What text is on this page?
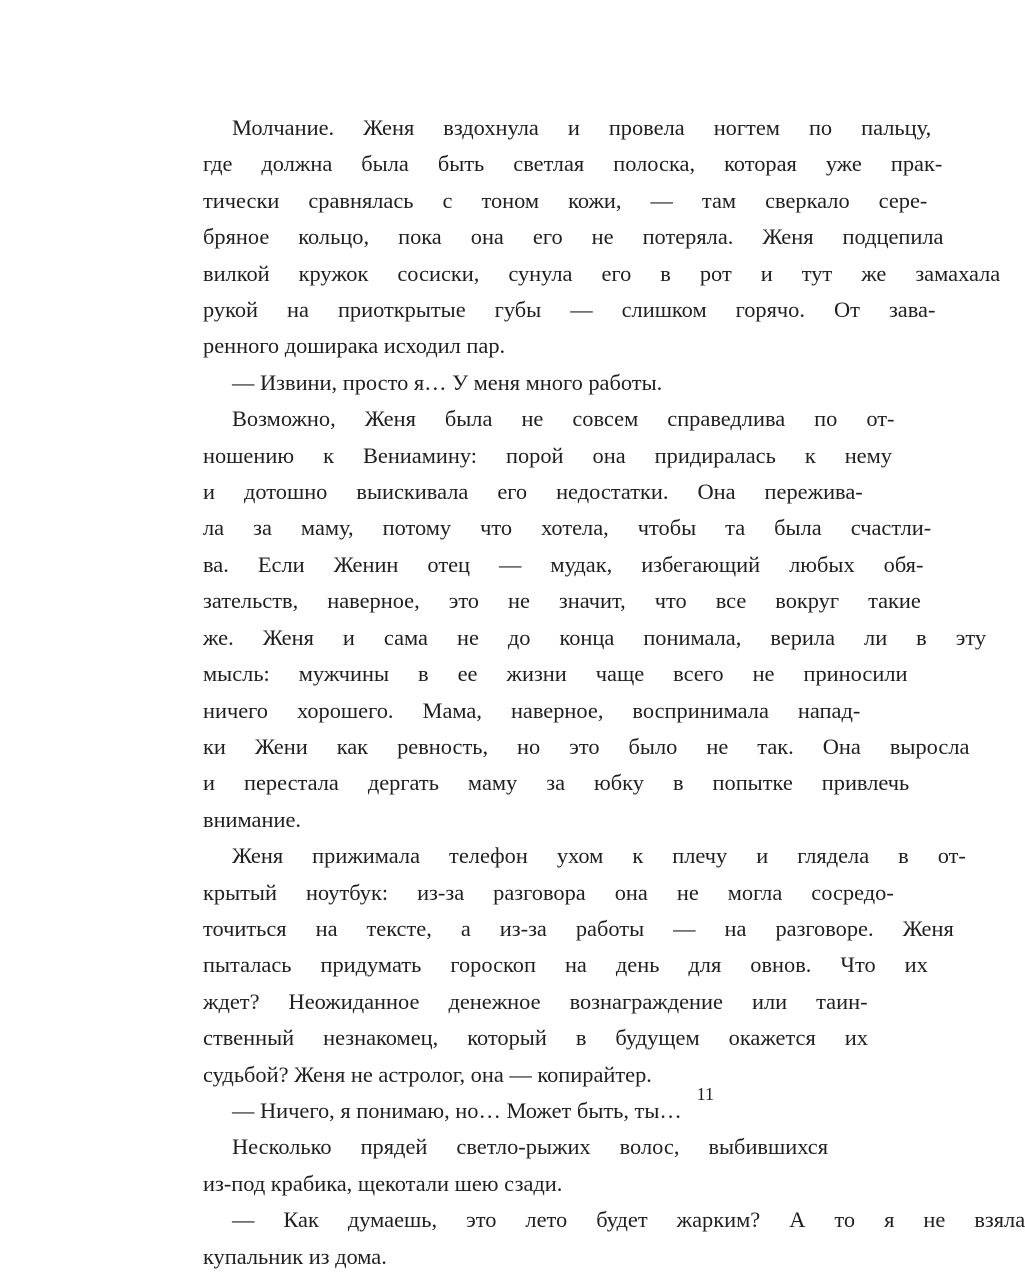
Молчание.	Женя	вздохнула	и	провела	ногтем	по	пальцу,
где	должна	была	быть	светлая	полоска,	которая	уже	прак-
тически	сравнялась	с	тоном	кожи,	—	там	сверкало	сере-
бряное	кольцо,	пока	она	его	не	потеряла.	Женя	подцепила
вилкой	кружок	сосиски,	сунула	его	в	рот	и	тут	же	замахала
рукой	на	приоткрытые	губы	—	слишком	горячо.	От	зава-
ренного доширака исходил пар.
— Извини, просто я… У меня много работы.
Возможно,	Женя	была	не	совсем	справедлива	по	от-
ношению	к	Вениамину:	порой	она	придиралась	к	нему
и	дотошно	выискивала	его	недостатки.	Она	пережива-
ла	за	маму,	потому	что	хотела,	чтобы	та	была	счастли-
ва.	Если	Женин	отец	—	мудак,	избегающий	любых	обя-
зательств,	наверное,	это	не	значит,	что	все	вокруг	такие
же.	Женя	и	сама	не	до	конца	понимала,	верила	ли	в	эту
мысль:	мужчины	в	ее	жизни	чаще	всего	не	приносили
ничего	хорошего.	Мама,	наверное,	воспринимала	напад-
ки	Жени	как	ревность,	но	это	было	не	так.	Она	выросла
и	перестала	дергать	маму	за	юбку	в	попытке	привлечь
внимание.
Женя	прижимала	телефон	ухом	к	плечу	и	глядела	в	от-
крытый	ноутбук:	из-за	разговора	она	не	могла	сосредо-
точиться	на	тексте,	а	из-за	работы	—	на	разговоре.	Женя
пыталась	придумать	гороскоп	на	день	для	овнов.	Что	их
ждет?	Неожиданное	денежное	вознаграждение	или	таин-
ственный	незнакомец,	который	в	будущем	окажется	их
судьбой? Женя не астролог, она — копирайтер.
— Ничего, я понимаю, но… Может быть, ты…
Несколько	прядей	светло-рыжих	волос,	выбившихся
из-под крабика, щекотали шею сзади.
—	Как	думаешь,	это	лето	будет	жарким?	А	то	я	не	взяла
купальник из дома.
11
